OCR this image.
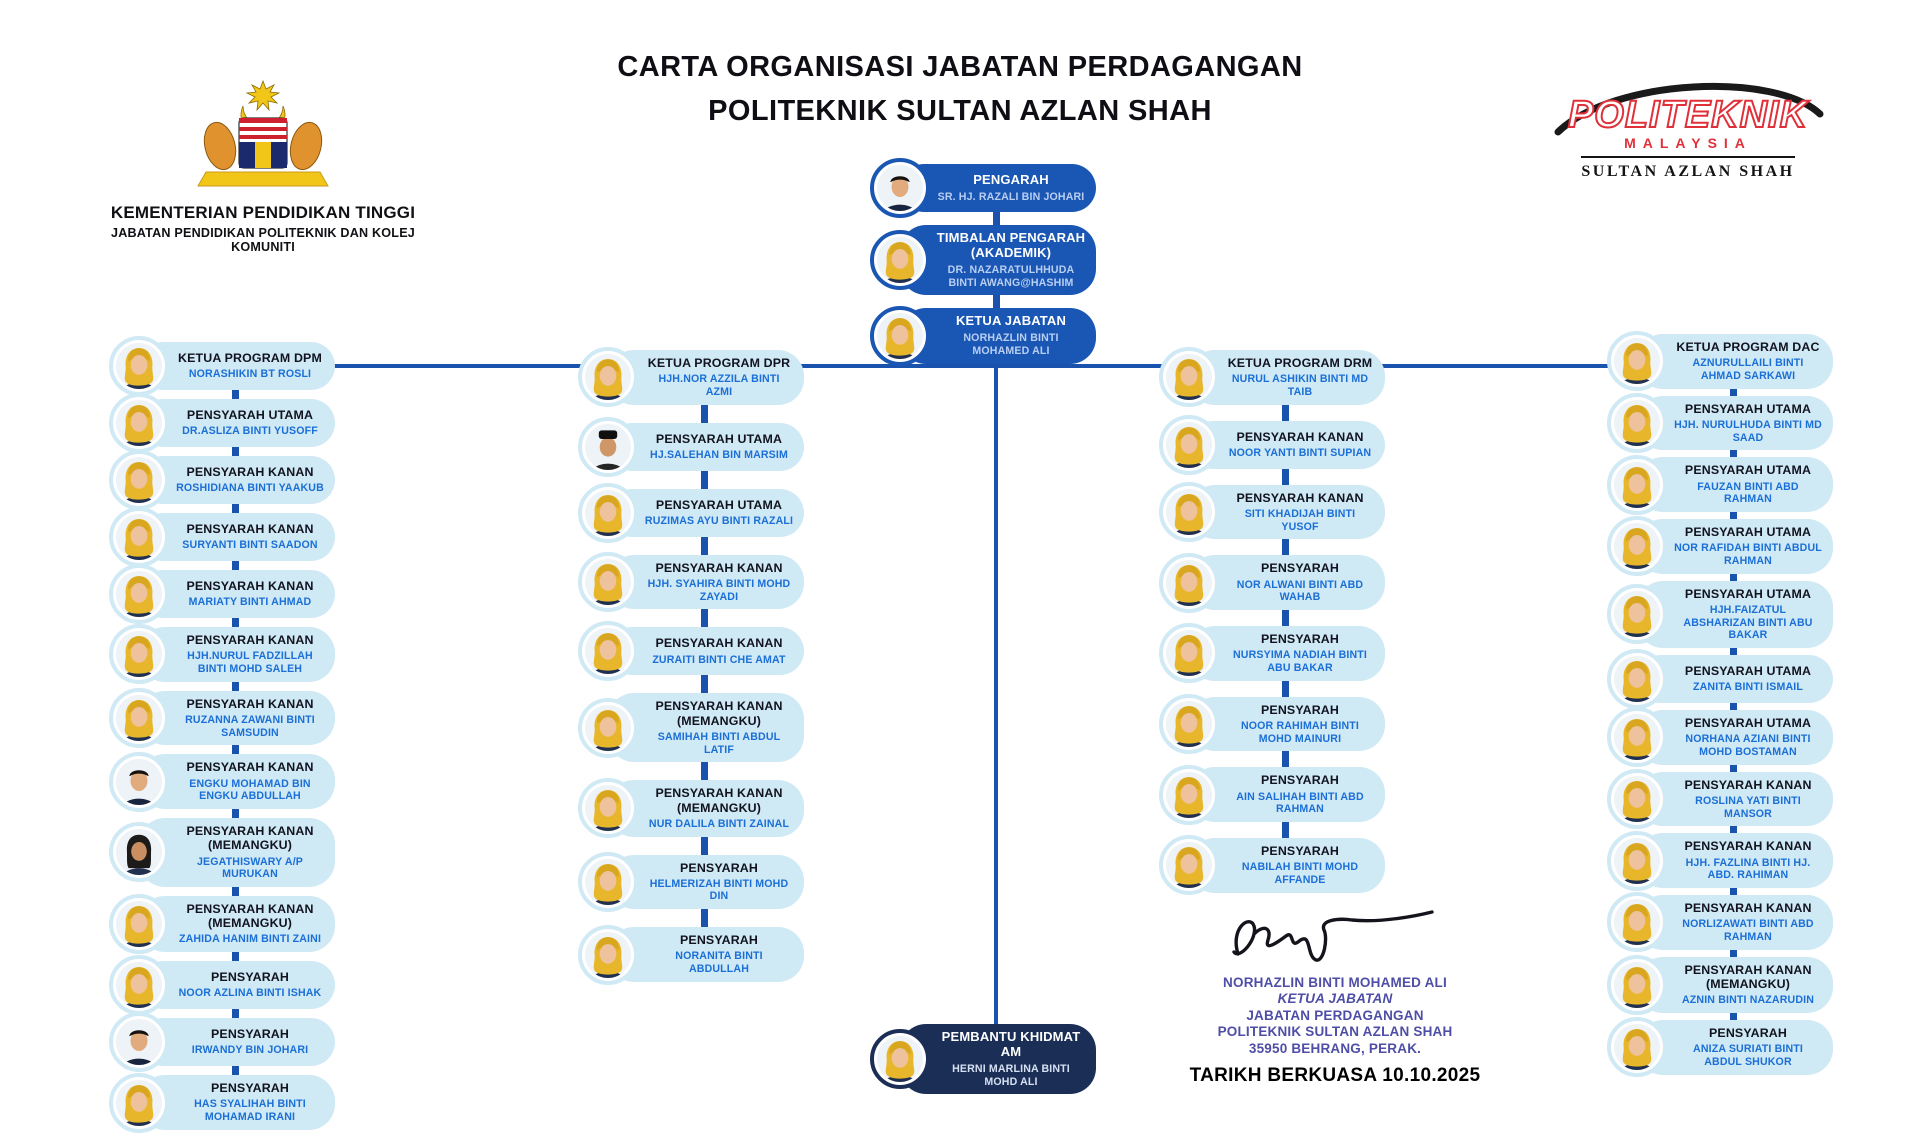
CARTA ORGANISASI JABATAN PERDAGANGAN
POLITEKNIK SULTAN AZLAN SHAH
KEMENTERIAN PENDIDIKAN TINGGI
JABATAN PENDIDIKAN POLITEKNIK DAN KOLEJ KOMUNITI
POLITEKNIK
MALAYSIA
SULTAN AZLAN SHAH
PENGARAH
SR. HJ. RAZALI BIN JOHARI
TIMBALAN PENGARAH (AKADEMIK)
DR. NAZARATULHHUDA BINTI AWANG@HASHIM
KETUA JABATAN
NORHAZLIN BINTI MOHAMED ALI
KETUA PROGRAM DPM
NORASHIKIN BT ROSLI
PENSYARAH UTAMA
DR.ASLIZA BINTI YUSOFF
PENSYARAH KANAN
ROSHIDIANA BINTI YAAKUB
PENSYARAH KANAN
SURYANTI BINTI SAADON
PENSYARAH KANAN
MARIATY BINTI AHMAD
PENSYARAH KANAN
HJH.NURUL FADZILLAH BINTI MOHD SALEH
PENSYARAH KANAN
RUZANNA ZAWANI BINTI SAMSUDIN
PENSYARAH KANAN
ENGKU MOHAMAD BIN ENGKU ABDULLAH
PENSYARAH KANAN (MEMANGKU)
JEGATHISWARY A/P MURUKAN
PENSYARAH KANAN (MEMANGKU)
ZAHIDA HANIM BINTI ZAINI
PENSYARAH
NOOR AZLINA BINTI ISHAK
PENSYARAH
IRWANDY BIN JOHARI
PENSYARAH
HAS SYALIHAH BINTI MOHAMAD IRANI
KETUA PROGRAM DPR
HJH.NOR AZZILA BINTI AZMI
PENSYARAH UTAMA
HJ.SALEHAN BIN MARSIM
PENSYARAH UTAMA
RUZIMAS AYU BINTI RAZALI
PENSYARAH KANAN
HJH. SYAHIRA BINTI MOHD ZAYADI
PENSYARAH KANAN
ZURAITI BINTI CHE AMAT
PENSYARAH KANAN (MEMANGKU)
SAMIHAH BINTI ABDUL LATIF
PENSYARAH KANAN (MEMANGKU)
NUR DALILA BINTI ZAINAL
PENSYARAH
HELMERIZAH BINTI MOHD DIN
PENSYARAH
NORANITA BINTI ABDULLAH
KETUA PROGRAM DRM
NURUL ASHIKIN BINTI MD TAIB
PENSYARAH KANAN
NOOR YANTI BINTI SUPIAN
PENSYARAH KANAN
SITI KHADIJAH BINTI YUSOF
PENSYARAH
NOR ALWANI BINTI ABD WAHAB
PENSYARAH
NURSYIMA NADIAH BINTI ABU BAKAR
PENSYARAH
NOOR RAHIMAH BINTI MOHD MAINURI
PENSYARAH
AIN SALIHAH BINTI ABD RAHMAN
PENSYARAH
NABILAH BINTI MOHD AFFANDE
KETUA PROGRAM DAC
AZNURULLAILI BINTI AHMAD SARKAWI
PENSYARAH UTAMA
HJH. NURULHUDA BINTI MD SAAD
PENSYARAH UTAMA
FAUZAN BINTI ABD RAHMAN
PENSYARAH UTAMA
NOR RAFIDAH BINTI ABDUL RAHMAN
PENSYARAH UTAMA
HJH.FAIZATUL ABSHARIZAN BINTI ABU BAKAR
PENSYARAH UTAMA
ZANITA BINTI ISMAIL
PENSYARAH UTAMA
NORHANA AZIANI BINTI MOHD BOSTAMAN
PENSYARAH KANAN
ROSLINA YATI BINTI MANSOR
PENSYARAH KANAN
HJH. FAZLINA BINTI HJ. ABD. RAHIMAN
PENSYARAH KANAN
NORLIZAWATI BINTI ABD RAHMAN
PENSYARAH KANAN (MEMANGKU)
AZNIN BINTI NAZARUDIN
PENSYARAH
ANIZA SURIATI BINTI ABDUL SHUKOR
PEMBANTU KHIDMAT AM
HERNI MARLINA BINTI MOHD ALI
NORHAZLIN BINTI MOHAMED ALI
KETUA JABATAN
JABATAN PERDAGANGAN
POLITEKNIK SULTAN AZLAN SHAH
35950 BEHRANG, PERAK.
TARIKH BERKUASA 10.10.2025
